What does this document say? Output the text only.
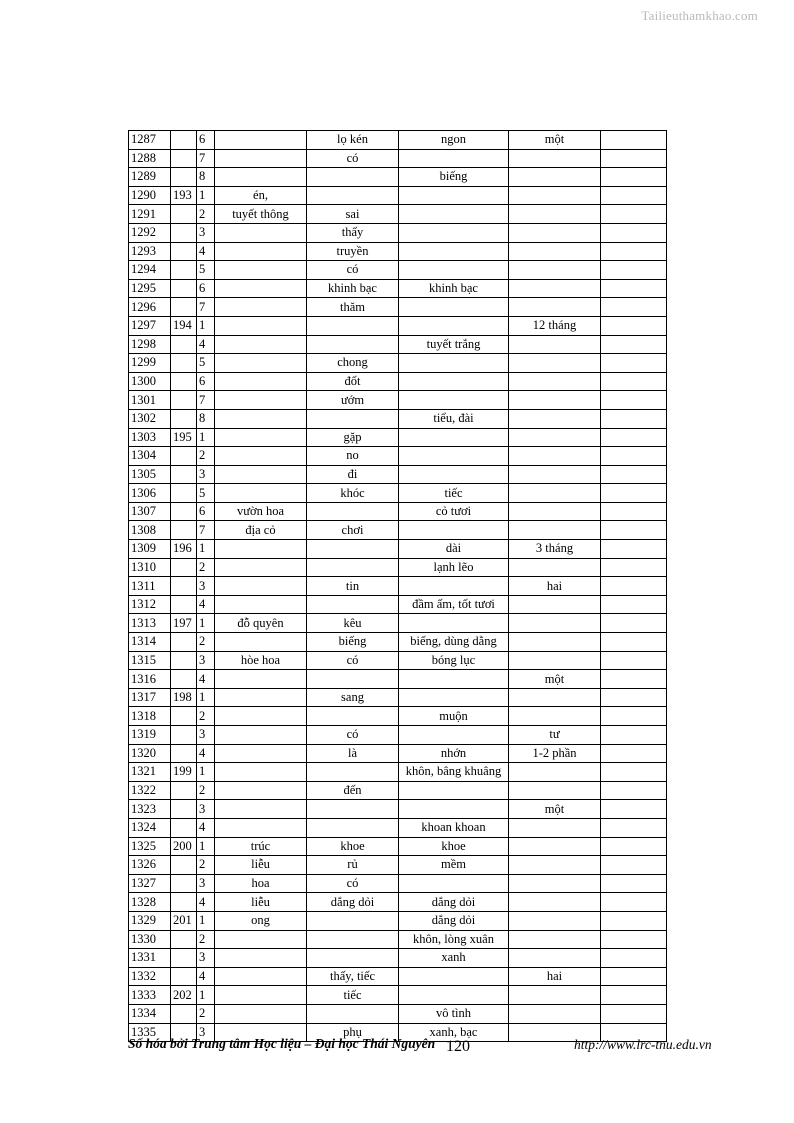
Tailieuthamkhao.com
1287		6		lọ kén	ngon	một	
1288		7		có			
1289		8			biếng		
1290	193	1	én,				
1291		2	tuyết thông	sai			
1292		3		thấy			
1293		4		truyền			
1294		5		có			
1295		6		khinh bạc	khinh bạc		
1296		7		thăm			
1297	194	1				12 tháng	
1298		4			tuyết trắng		
1299		5		chong			
1300		6		đốt			
1301		7		ướm			
1302		8			tiểu, đài		
1303	195	1		gặp			
1304		2		no			
1305		3		đi			
1306		5		khóc	tiếc		
1307		6	vườn hoa		cỏ tươi		
1308		7	địa cỏ	chơi			
1309	196	1			dài	3 tháng	
1310		2			lạnh lẽo		
1311		3		tin		hai	
1312		4			đầm ấm, tốt tươi		
1313	197	1	đỗ quyên	kêu			
1314		2		biếng	biếng, dùng dằng		
1315		3	hòe hoa	có	bóng lục		
1316		4				một	
1317	198	1		sang			
1318		2			muộn		
1319		3		có		tư	
1320		4		là	nhớn	1-2 phần	
1321	199	1			khôn, bâng khuâng		
1322		2		đến			
1323		3				một	
1324		4			khoan khoan		
1325	200	1	trúc	khoe	khoe		
1326		2	liễu	rủ	mềm		
1327		3	hoa	có			
1328		4	liễu	dắng dỏi	dắng dỏi		
1329	201	1	ong		dắng dỏi		
1330		2			khôn, lòng xuân		
1331		3			xanh		
1332		4		thấy, tiếc		hai	
1333	202	1		tiếc			
1334		2			vô tình		
1335		3		phụ	xanh, bạc		
Số hóa bởi Trung tâm Học liệu – Đại học Thái Nguyên 120	http://www.lrc-tnu.edu.vn
